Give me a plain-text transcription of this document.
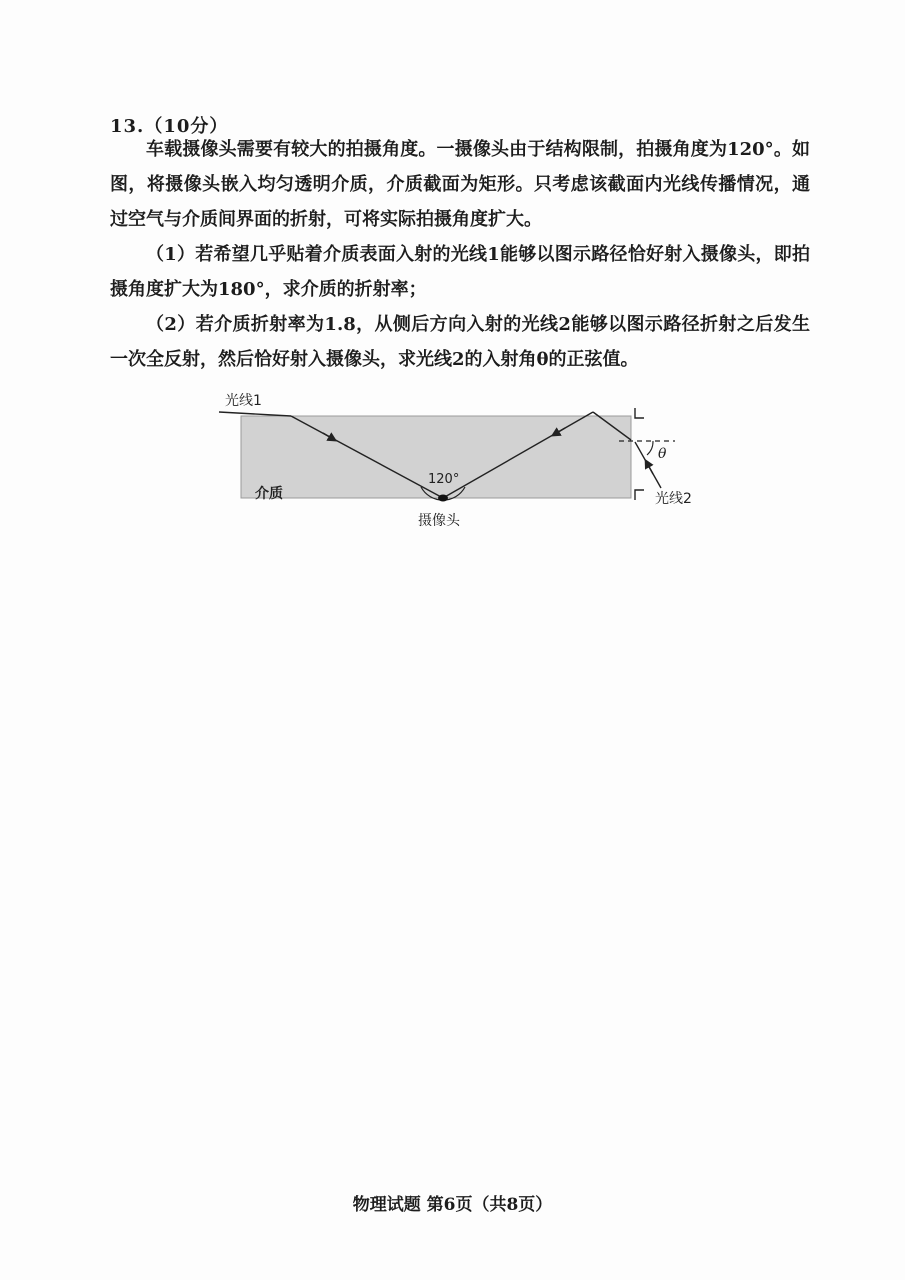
13.（10分）
车载摄像头需要有较大的拍摄角度。一摄像头由于结构限制，拍摄角度为120°。如图，将摄像头嵌入均匀透明介质，介质截面为矩形。只考虑该截面内光线传播情况，通过空气与介质间界面的折射，可将实际拍摄角度扩大。
（1）若希望几乎贴着介质表面入射的光线1能够以图示路径恰好射入摄像头，即拍摄角度扩大为180°，求介质的折射率；
（2）若介质折射率为1.8，从侧后方向入射的光线2能够以图示路径折射之后发生一次全反射，然后恰好射入摄像头，求光线2的入射角θ的正弦值。
光线1
光线2
介质
摄像头
120°
θ
物理试题 第6页（共8页）
